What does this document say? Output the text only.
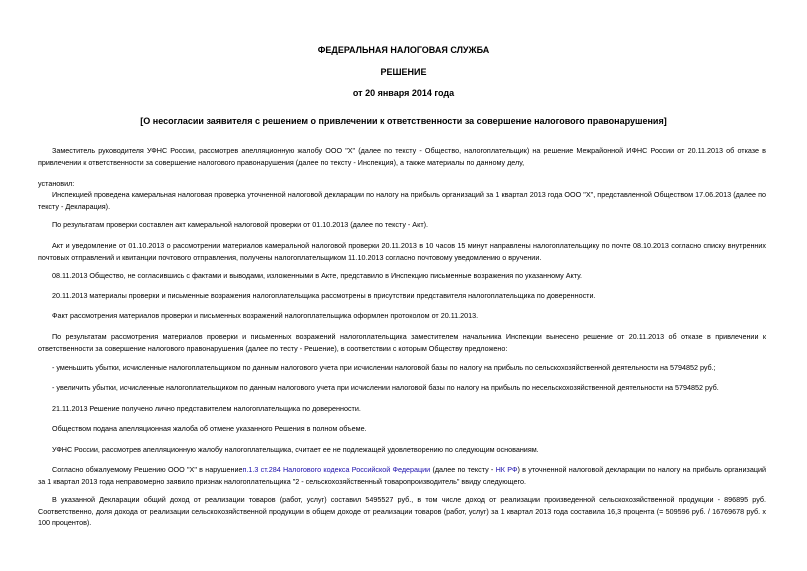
ФЕДЕРАЛЬНАЯ НАЛОГОВАЯ СЛУЖБА
РЕШЕНИЕ
от 20 января 2014 года
[О несогласии заявителя с решением о привлечении к ответственности за совершение налогового правонарушения]

Заместитель руководителя УФНС России, рассмотрев апелляционную жалобу ООО "Х" (далее по тексту - Общество, налогоплательщик) на решение Межрайонной ИФНС России от 20.11.2013 об отказе в привлечении к ответственности за совершение налогового правонарушения (далее по тексту - Инспекция), а также материалы по данному делу,

установил:

Инспекцией проведена камеральная налоговая проверка уточненной налоговой декларации по налогу на прибыль организаций за 1 квартал 2013 года ООО "Х", представленной Обществом 17.06.2013 (далее по тексту - Декларация).

По результатам проверки составлен акт камеральной налоговой проверки от 01.10.2013 (далее по тексту - Акт).

Акт и уведомление от 01.10.2013 о рассмотрении материалов камеральной налоговой проверки 20.11.2013 в 10 часов 15 минут направлены налогоплательщику по почте 08.10.2013 согласно списку внутренних почтовых отправлений и квитанции почтового отправления, получены налогоплательщиком 11.10.2013 согласно почтовому уведомлению о вручении.

08.11.2013 Общество, не согласившись с фактами и выводами, изложенными в Акте, представило в Инспекцию письменные возражения по указанному Акту.

20.11.2013 материалы проверки и письменные возражения налогоплательщика рассмотрены в присутствии представителя налогоплательщика по доверенности.

Факт рассмотрения материалов проверки и письменных возражений налогоплательщика оформлен протоколом от 20.11.2013.

По результатам рассмотрения материалов проверки и письменных возражений налогоплательщика заместителем начальника Инспекции вынесено решение от 20.11.2013 об отказе в привлечении к ответственности за совершение налогового правонарушения (далее по тесту - Решение), в соответствии с которым Обществу предложено:

- уменьшить убытки, исчисленные налогоплательщиком по данным налогового учета при исчислении налоговой базы по налогу на прибыль по сельскохозяйственной деятельности на 5794852 руб.;

- увеличить убытки, исчисленные налогоплательщиком по данным налогового учета при исчислении налоговой базы по налогу на прибыль по несельскохозяйственной деятельности на 5794852 руб.

21.11.2013 Решение получено лично представителем налогоплательщика по доверенности.

Обществом подана апелляционная жалоба об отмене указанного Решения в полном объеме.

УФНС России, рассмотрев апелляционную жалобу налогоплательщика, считает ее не подлежащей удовлетворению по следующим основаниям.

Согласно обжалуемому Решению ООО "Х" в нарушениеп.1.3 ст.284 Налогового кодекса Российской Федерации (далее по тексту - НК РФ) в уточненной налоговой декларации по налогу на прибыль организаций за 1 квартал 2013 года неправомерно заявило признак налогоплательщика "2 - сельскохозяйственный товаропроизводитель" ввиду следующего.

В указанной Декларации общий доход от реализации товаров (работ, услуг) составил 5495527 руб., в том числе доход от реализации произведенной сельскохозяйственной продукции - 896895 руб. Соответственно, доля дохода от реализации сельскохозяйственной продукции в общем доходе от реализации товаров (работ, услуг) за 1 квартал 2013 года составила 16,3 процента (= 509596 руб. / 16769678 руб. х 100 процентов).
